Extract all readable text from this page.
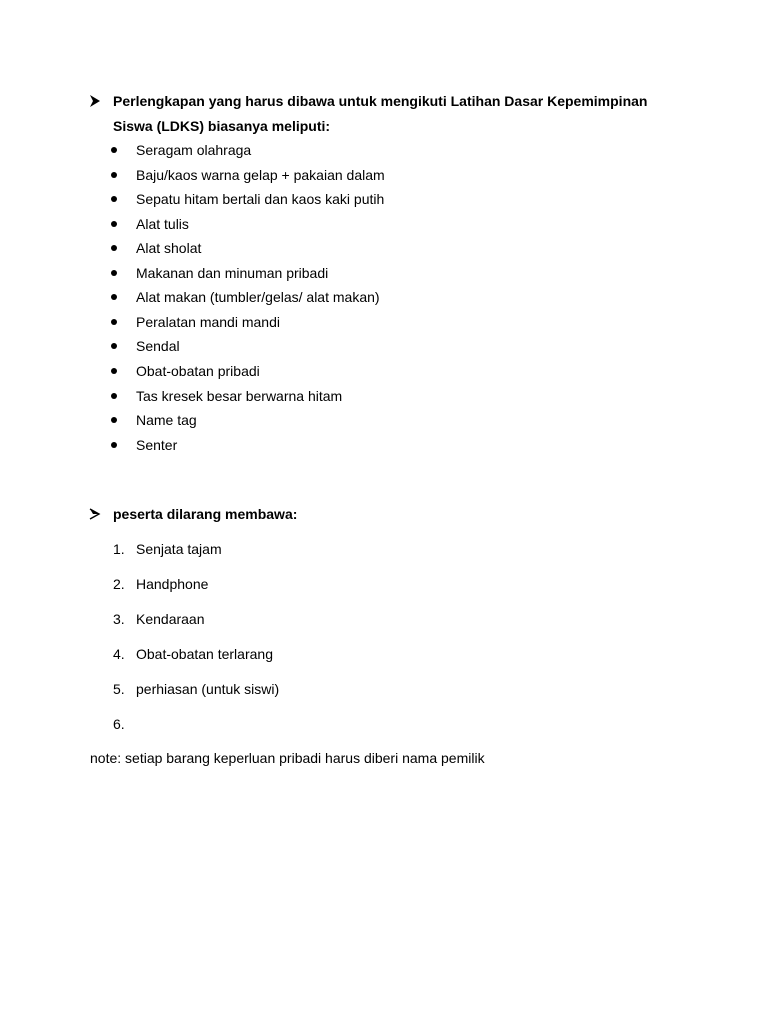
Perlengkapan yang harus dibawa untuk mengikuti Latihan Dasar Kepemimpinan
Siswa (LDKS) biasanya meliputi:
Seragam olahraga
Baju/kaos warna gelap + pakaian dalam
Sepatu hitam bertali dan kaos kaki putih
Alat tulis
Alat sholat
Makanan dan minuman pribadi
Alat makan (tumbler/gelas/ alat makan)
Peralatan mandi mandi
Sendal
Obat-obatan pribadi
Tas kresek besar berwarna hitam
Name tag
Senter
peserta dilarang membawa:
1. Senjata tajam
2. Handphone
3. Kendaraan
4. Obat-obatan terlarang
5. perhiasan (untuk siswi)
6.
note: setiap barang keperluan pribadi harus diberi nama pemilik
